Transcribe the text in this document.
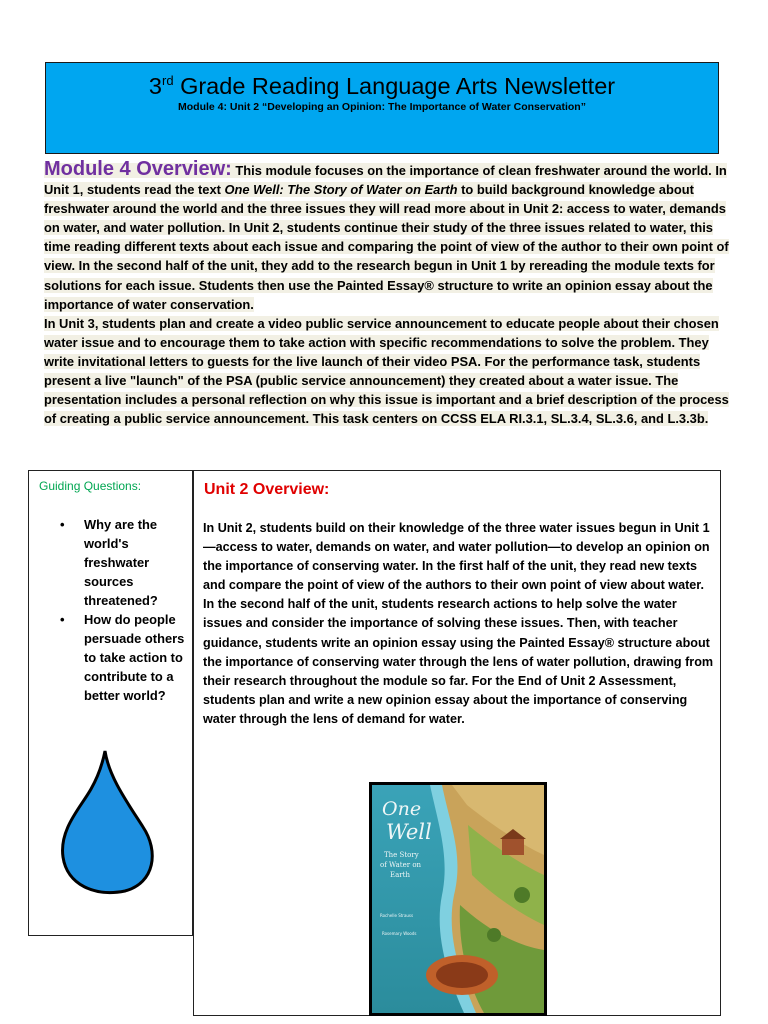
3rd Grade Reading Language Arts Newsletter
Module 4: Unit 2 “Developing an Opinion: The Importance of Water Conservation”

Module 4 Overview: This module focuses on the importance of clean freshwater around the world. In Unit 1, students read the text One Well: The Story of Water on Earth to build background knowledge about freshwater around the world and the three issues they will read more about in Unit 2: access to water, demands on water, and water pollution. In Unit 2, students continue their study of the three issues related to water, this time reading different texts about each issue and comparing the point of view of the author to their own point of view. In the second half of the unit, they add to the research begun in Unit 1 by rereading the module texts for solutions for each issue. Students then use the Painted Essay® structure to write an opinion essay about the importance of water conservation.

In Unit 3, students plan and create a video public service announcement to educate people about their chosen water issue and to encourage them to take action with specific recommendations to solve the problem. They write invitational letters to guests for the live launch of their video PSA. For the performance task, students present a live "launch" of the PSA (public service announcement) they created about a water issue. The presentation includes a personal reflection on why this issue is important and a brief description of the process of creating a public service announcement. This task centers on CCSS ELA RI.3.1, SL.3.4, SL.3.6, and L.3.3b.

Guiding Questions:
• Why are the world's freshwater sources threatened?
• How do people persuade others to take action to contribute to a better world?
Unit 2 Overview:
In Unit 2, students build on their knowledge of the three water issues begun in Unit 1—access to water, demands on water, and water pollution—to develop an opinion on the importance of conserving water. In the first half of the unit, they read new texts and compare the point of view of the authors to their own point of view about water. In the second half of the unit, students research actions to help solve the water issues and consider the importance of solving these issues. Then, with teacher guidance, students write an opinion essay using the Painted Essay® structure about the importance of conserving water through the lens of water pollution, drawing from their research throughout the module so far. For the End of Unit 2 Assessment, students plan and write a new opinion essay about the importance of conserving water through the lens of demand for water.
One
Well
The Story of Water on Earth
Rochelle Strauss
Rosemary Woods
